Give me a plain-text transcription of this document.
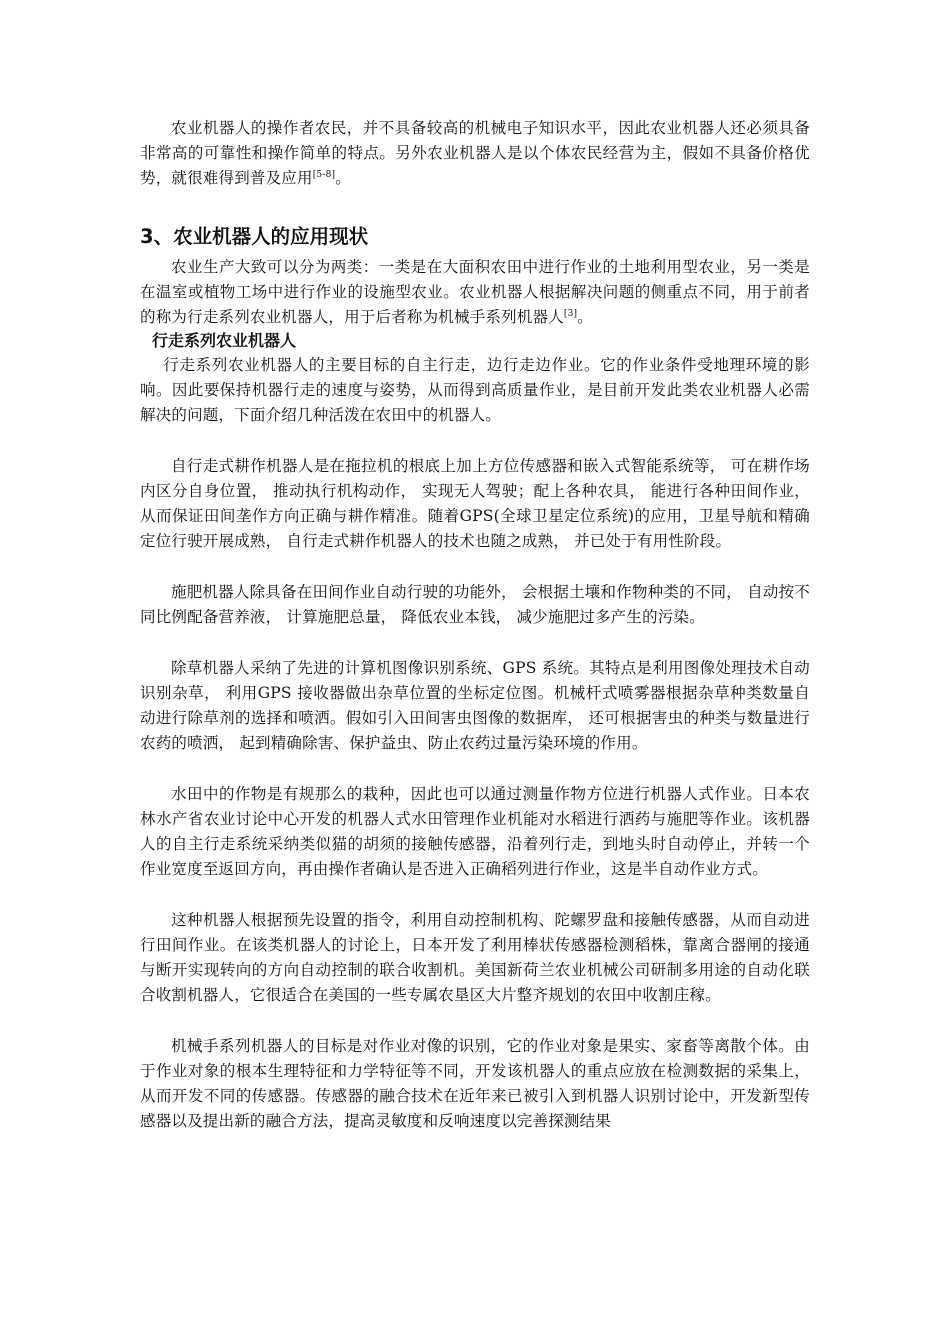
农业机器人的操作者农民，并不具备较高的机械电子知识水平，因此农业机器人还必须具备非常高的可靠性和操作简单的特点。另外农业机器人是以个体农民经营为主，假如不具备价格优势，就很难得到普及应用[5-8]。

3、农业机器人的应用现状

农业生产大致可以分为两类：一类是在大面积农田中进行作业的土地利用型农业，另一类是在温室或植物工场中进行作业的设施型农业。农业机器人根据解决问题的侧重点不同，用于前者的称为行走系列农业机器人，用于后者称为机械手系列机器人[3]。

行走系列农业机器人

行走系列农业机器人的主要目标的自主行走，边行走边作业。它的作业条件受地理环境的影响。因此要保持机器行走的速度与姿势，从而得到高质量作业，是目前开发此类农业机器人必需解决的问题，下面介绍几种活泼在农田中的机器人。

自行走式耕作机器人是在拖拉机的根底上加上方位传感器和嵌入式智能系统等， 可在耕作场内区分自身位置， 推动执行机构动作， 实现无人驾驶；配上各种农具， 能进行各种田间作业， 从而保证田间垄作方向正确与耕作精准。随着GPS(全球卫星定位系统)的应用，卫星导航和精确定位行驶开展成熟， 自行走式耕作机器人的技术也随之成熟， 并已处于有用性阶段。

施肥机器人除具备在田间作业自动行驶的功能外， 会根据土壤和作物种类的不同， 自动按不同比例配备营养液， 计算施肥总量， 降低农业本钱， 减少施肥过多产生的污染。

除草机器人采纳了先进的计算机图像识别系统、GPS 系统。其特点是利用图像处理技术自动识别杂草， 利用GPS 接收器做出杂草位置的坐标定位图。机械杆式喷雾器根据杂草种类数量自动进行除草剂的选择和喷洒。假如引入田间害虫图像的数据库， 还可根据害虫的种类与数量进行农药的喷洒， 起到精确除害、保护益虫、防止农药过量污染环境的作用。

水田中的作物是有规那么的栽种，因此也可以通过测量作物方位进行机器人式作业。日本农林水产省农业讨论中心开发的机器人式水田管理作业机能对水稻进行洒药与施肥等作业。该机器人的自主行走系统采纳类似猫的胡须的接触传感器，沿着列行走，到地头时自动停止，并转一个作业宽度至返回方向，再由操作者确认是否进入正确稻列进行作业，这是半自动作业方式。

这种机器人根据预先设置的指令，利用自动控制机构、陀螺罗盘和接触传感器，从而自动进行田间作业。在该类机器人的讨论上，日本开发了利用棒状传感器检测稻株，靠离合器闸的接通与断开实现转向的方向自动控制的联合收割机。美国新荷兰农业机械公司研制多用途的自动化联合收割机器人，它很适合在美国的一些专属农垦区大片整齐规划的农田中收割庄稼。

机械手系列机器人的目标是对作业对像的识别，它的作业对象是果实、家畜等离散个体。由于作业对象的根本生理特征和力学特征等不同，开发该机器人的重点应放在检测数据的采集上，从而开发不同的传感器。传感器的融合技术在近年来已被引入到机器人识别讨论中，开发新型传感器以及提出新的融合方法，提高灵敏度和反响速度以完善探测结果
